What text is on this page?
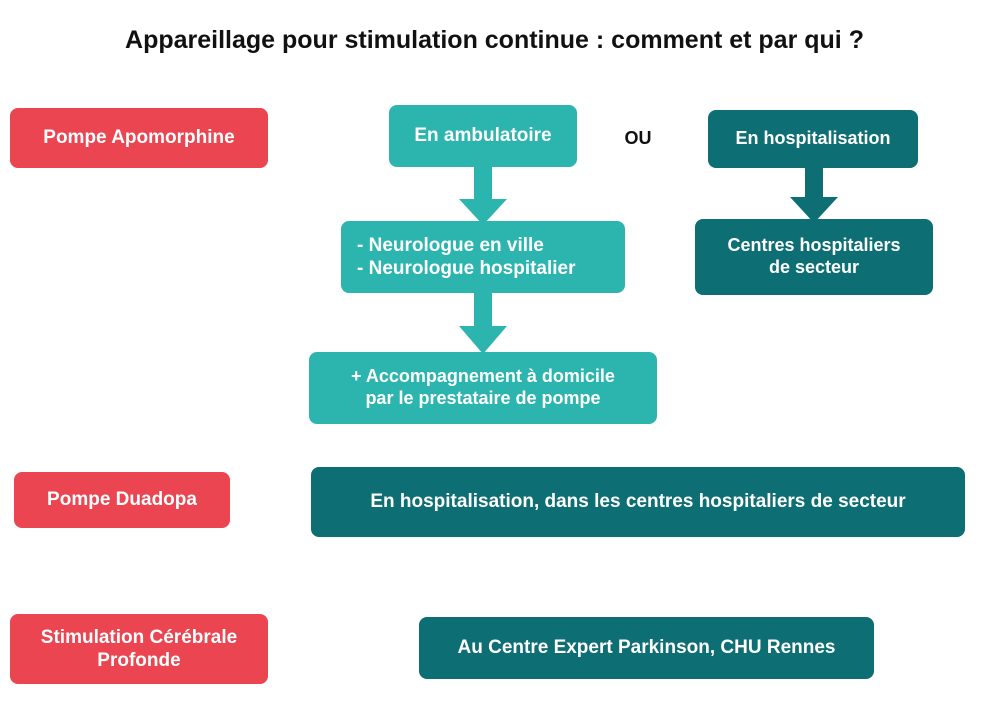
Appareillage pour stimulation continue : comment et par qui ?
Pompe Apomorphine	En ambulatoire	OU	En hospitalisation
- Neurologue en ville
- Neurologue hospitalier
Centres hospitaliers
de secteur
+ Accompagnement à domicile
par le prestataire de pompe
Pompe Duadopa	En hospitalisation, dans les centres hospitaliers de secteur
Stimulation Cérébrale
Profonde
Au Centre Expert Parkinson, CHU Rennes
